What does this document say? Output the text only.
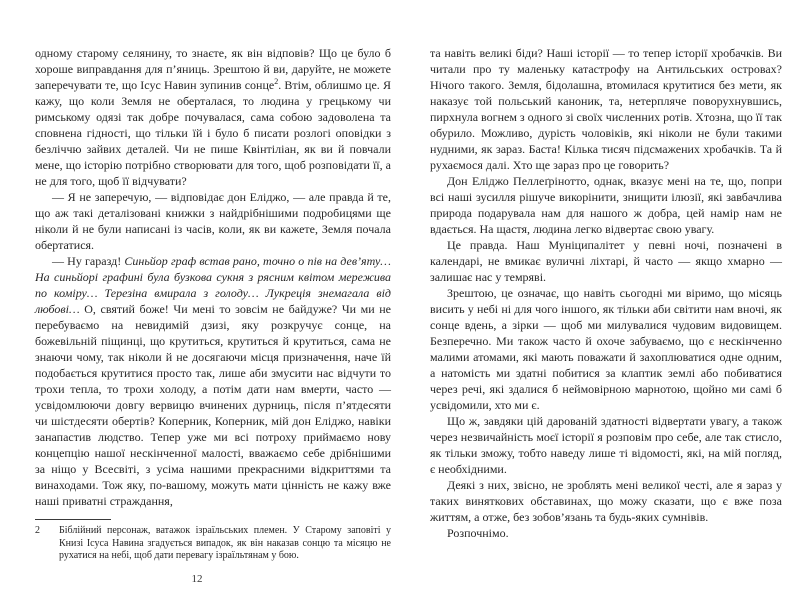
одному старому селянину, то знаєте, як він відповів? Що це було б хороше виправдання для п’яниць. Зрештою й ви, даруйте, не можете заперечувати те, що Ісус Навин зупинив сонце$^2$. Втім, облишмо це. Я кажу, що коли Земля не оберталася, то людина у грецькому чи римському одязі так добре почувалася, сама собою задоволена та сповнена гідності, що тільки їй і було б писати розлогі оповідки з безліччю зайвих деталей. Чи не пише Квінтіліан, як ви й повчали мене, що історію потрібно створювати для того, щоб розповідати її, а не для того, щоб її відчувати?

— Я не заперечую, — відповідає дон Еліджо, — але правда й те, що аж такі деталізовані книжки з найдрібнішими подробицями ще ніколи й не були написані із часів, коли, як ви кажете, Земля почала обертатися.

— Ну гаразд! Синьйор граф встав рано, точно о пів на дев’яту… На синьйорі графині була бузкова сукня з рясним квітом мережива по коміру… Терезіна вмирала з голоду… Лукреція знемагала від любові… О, святий боже! Чи мені то зовсім не байдуже? Чи ми не перебуваємо на невидимій дзизі, яку розкручує сонце, на божевільній піщинці, що крутиться, крутиться й крутиться, сама не знаючи чому, так ніколи й не досягаючи місця призначення, наче їй подобається крутитися просто так, лише аби змусити нас відчути то трохи тепла, то трохи холоду, а потім дати нам вмерти, часто — усвідомлюючи довгу вервицю вчинених дурниць, після п’ятдесяти чи шістдесяти обертів? Коперник, Коперник, мій дон Еліджо, навіки занапастив людство. Тепер уже ми всі потроху приймаємо нову концепцію нашої нескінченної малості, вважаємо себе дрібнішими за ніщо у Всесвіті, з усіма нашими прекрасними відкриттями та винаходами. Тож яку, по-вашому, можуть мати цінність не кажу вже наші приватні страждання,

2	Біблійний персонаж, ватажок ізраїльських племен. У Старому заповіті у Книзі Ісуса Навина згадується випадок, як він наказав сонцю та місяцю не рухатися на небі, щоб дати перевагу ізраїльтянам у бою.
12

та навіть великі біди? Наші історії — то тепер історії хробачків. Ви читали про ту маленьку катастрофу на Антильських островах? Нічого такого. Земля, бідолашна, втомилася крутитися без мети, як наказує той польський каноник, та, нетерпляче поворухнувшись, пирхнула вогнем з одного зі своїх численних ротів. Хтозна, що її так обурило. Можливо, дурість чоловіків, які ніколи не були такими нудними, як зараз. Баста! Кілька тисяч підсмажених хробачків. Та й рухаємося далі. Хто ще зараз про це говорить?

Дон Еліджо Пеллеґрінотто, однак, вказує мені на те, що, попри всі наші зусилля рішуче викорінити, знищити ілюзії, які завбачлива природа подарувала нам для нашого ж добра, цей намір нам не вдається. На щастя, людина легко відвертає свою увагу.

Це правда. Наш Муніципалітет у певні ночі, позначені в календарі, не вмикає вуличні ліхтарі, й часто — якщо хмарно — залишає нас у темряві.

Зрештою, це означає, що навіть сьогодні ми віримо, що місяць висить у небі ні для чого іншого, як тільки аби світити нам вночі, як сонце вдень, а зірки — щоб ми милувалися чудовим видовищем. Безперечно. Ми також часто й охоче забуваємо, що є нескінченно малими атомами, які мають поважати й захоплюватися одне одним, а натомість ми здатні побитися за клаптик землі або побиватися через речі, які здалися б неймовірною марнотою, щойно ми самі б усвідомили, хто ми є.

Що ж, завдяки цій дарованій здатності відвертати увагу, а також через незвичайність моєї історії я розповім про себе, але так стисло, як тільки зможу, тобто наведу лише ті відомості, які, на мій погляд, є необхідними.

Деякі з них, звісно, не зроблять мені великої честі, але я зараз у таких виняткових обставинах, що можу сказати, що є вже поза життям, а отже, без зобов’язань та будь-яких сумнівів.

Розпочнімо.
